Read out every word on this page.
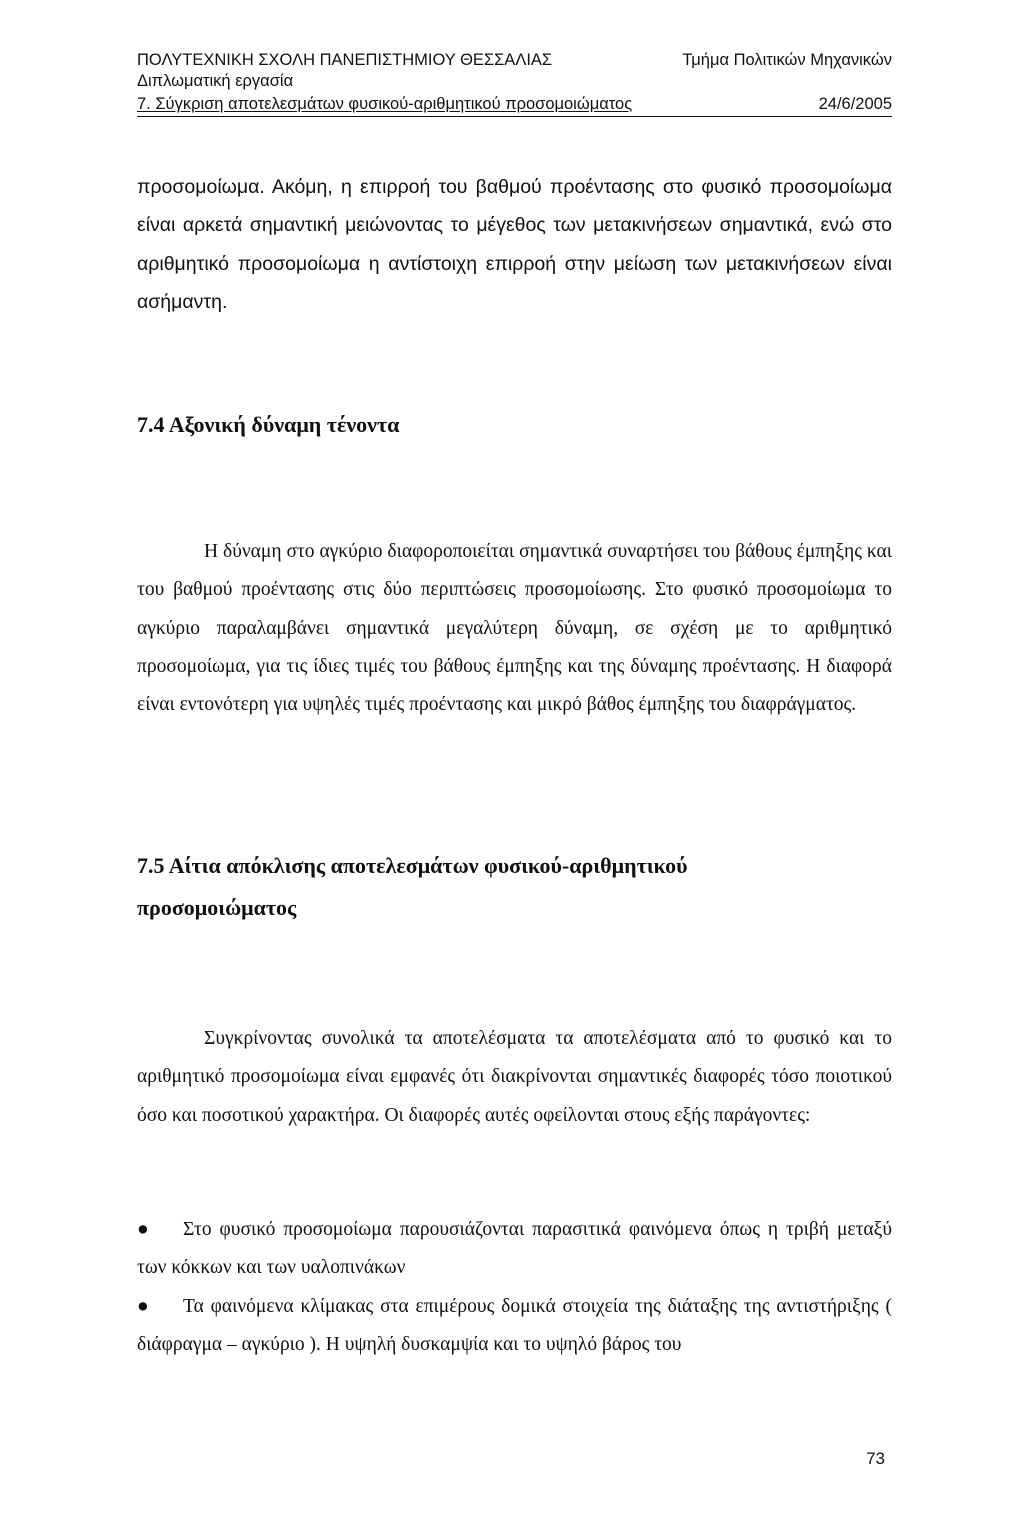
ΠΟΛΥΤΕΧΝΙΚΗ ΣΧΟΛΗ ΠΑΝΕΠΙΣΤΗΜΙΟΥ ΘΕΣΣΑΛΙΑΣ	Τμήμα Πολιτικών Μηχανικών
Διπλωματική εργασία
7. Σύγκριση αποτελεσμάτων φυσικού-αριθμητικού προσομοιώματος	24/6/2005

προσομοίωμα. Ακόμη, η επιρροή του βαθμού προέντασης στο φυσικό προσομοίωμα είναι αρκετά σημαντική μειώνοντας το μέγεθος των μετακινήσεων σημαντικά, ενώ στο αριθμητικό προσομοίωμα η αντίστοιχη επιρροή στην μείωση των μετακινήσεων είναι ασήμαντη.

7.4 Αξονική δύναμη τένοντα

Η δύναμη στο αγκύριο διαφοροποιείται σημαντικά συναρτήσει του βάθους έμπηξης και του βαθμού προέντασης στις δύο περιπτώσεις προσομοίωσης. Στο φυσικό προσομοίωμα το αγκύριο παραλαμβάνει σημαντικά μεγαλύτερη δύναμη, σε σχέση με το αριθμητικό προσομοίωμα, για τις ίδιες τιμές του βάθους έμπηξης και της δύναμης προέντασης. Η διαφορά είναι εντονότερη για υψηλές τιμές προέντασης και μικρό βάθος έμπηξης του διαφράγματος.

7.5 Αίτια απόκλισης αποτελεσμάτων φυσικού-αριθμητικού
προσομοιώματος

Συγκρίνοντας συνολικά τα αποτελέσματα τα αποτελέσματα από το φυσικό και το αριθμητικό προσομοίωμα είναι εμφανές ότι διακρίνονται σημαντικές διαφορές τόσο ποιοτικού όσο και ποσοτικού χαρακτήρα. Οι διαφορές αυτές οφείλονται στους εξής παράγοντες:

●	Στο φυσικό προσομοίωμα παρουσιάζονται παρασιτικά φαινόμενα όπως η τριβή μεταξύ των κόκκων και των υαλοπινάκων

●	Τα φαινόμενα κλίμακας στα επιμέρους δομικά στοιχεία της διάταξης της αντιστήριξης ( διάφραγμα – αγκύριο ). Η υψηλή δυσκαμψία και το υψηλό βάρος του

73
